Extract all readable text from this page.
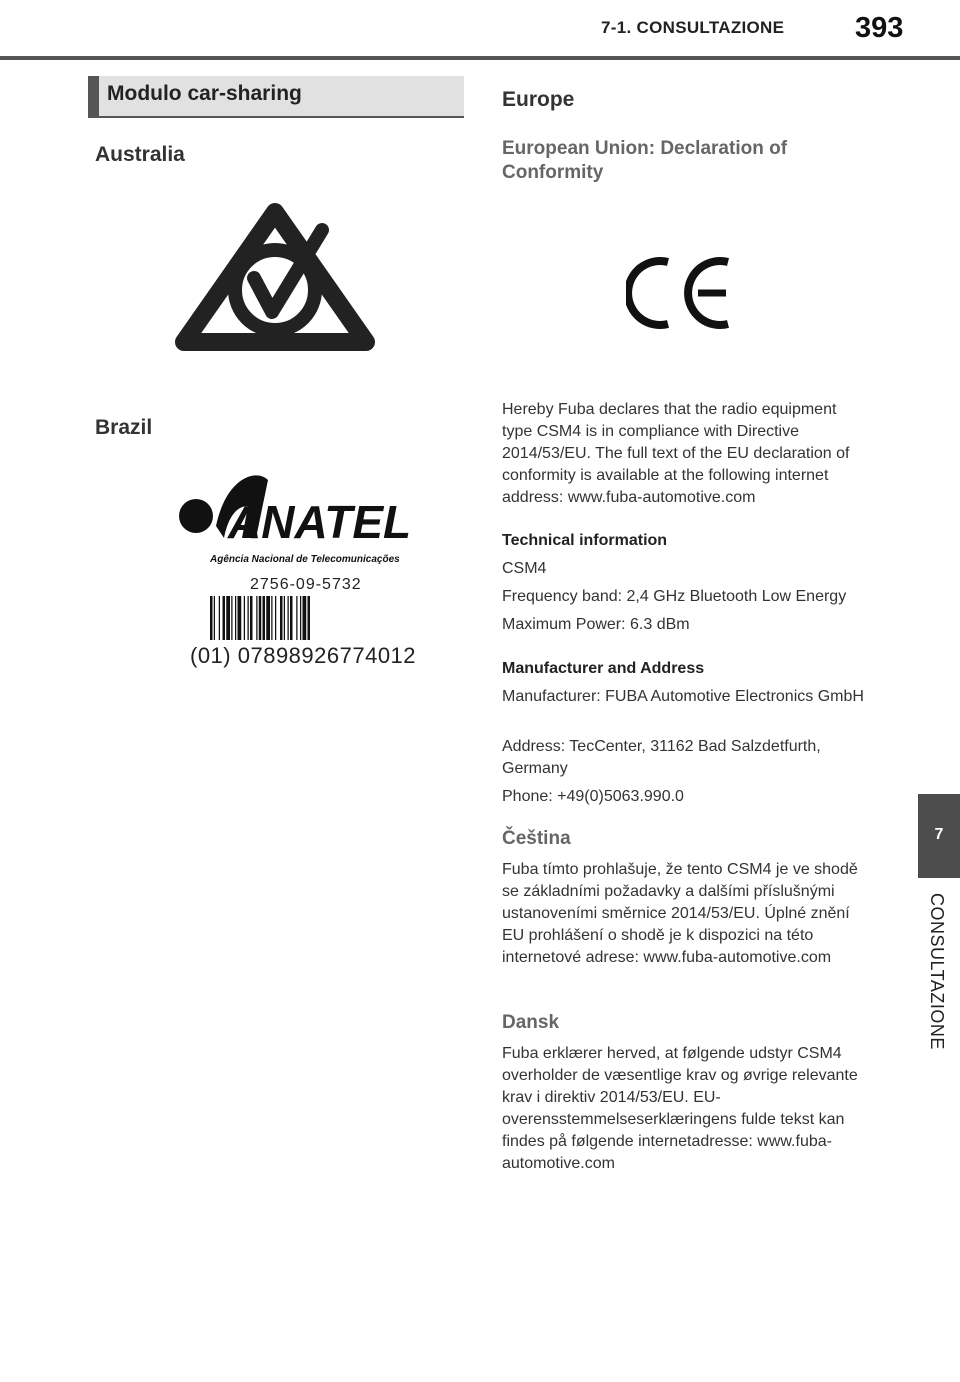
7-1. CONSULTAZIONE 393
7
CONSULTAZIONE
Modulo car-sharing
Australia
Brazil
ANATEL
Agência Nacional de Telecomunicações
2756-09-5732
(01) 07898926774012
Europe
European Union: Declaration of Conformity
Hereby Fuba declares that the radio equipment type CSM4 is in compliance with Directive 2014/53/EU. The full text of the EU declaration of conformity is available at the following internet address: www.fuba-automotive.com
Technical information
CSM4
Frequency band: 2,4 GHz Bluetooth Low Energy
Maximum Power: 6.3 dBm
Manufacturer and Address
Manufacturer: FUBA Automotive Electronics GmbH
Address: TecCenter, 31162 Bad Salzdetfurth, Germany
Phone: +49(0)5063.990.0
Čeština
Fuba tímto prohlašuje, že tento CSM4 je ve shodě se základními požadavky a dalšími příslušnými ustanoveními směrnice 2014/53/EU. Úplné znění EU prohlášení o shodě je k dispozici na této internetové adrese: www.fuba-automotive.com
Dansk
Fuba erklærer herved, at følgende udstyr CSM4 overholder de væsentlige krav og øvrige relevante krav i direktiv 2014/53/EU. EU-overensstemmelseserklæringens fulde tekst kan findes på følgende internetadresse: www.fuba-automotive.com
